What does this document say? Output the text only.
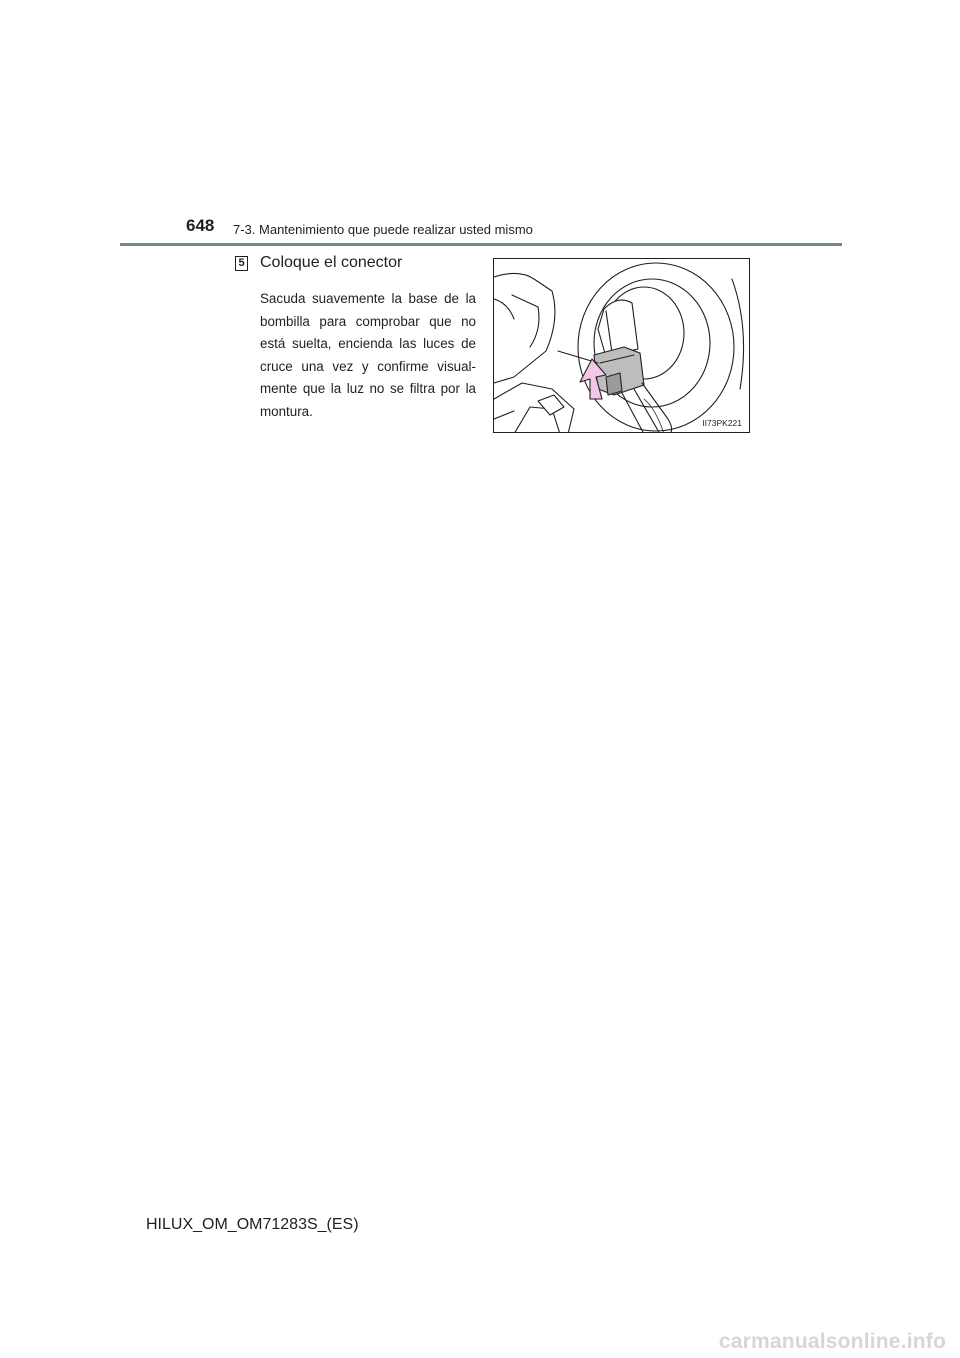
648 7-3. Mantenimiento que puede realizar usted mismo
5 Coloque el conector

Sacuda suavemente la base de la bombilla para comprobar que no está suelta, encienda las luces de cruce una vez y confirme visual-mente que la luz no se filtra por la montura.

II73PK221
HILUX_OM_OM71283S_(ES)
carmanualsonline.info
